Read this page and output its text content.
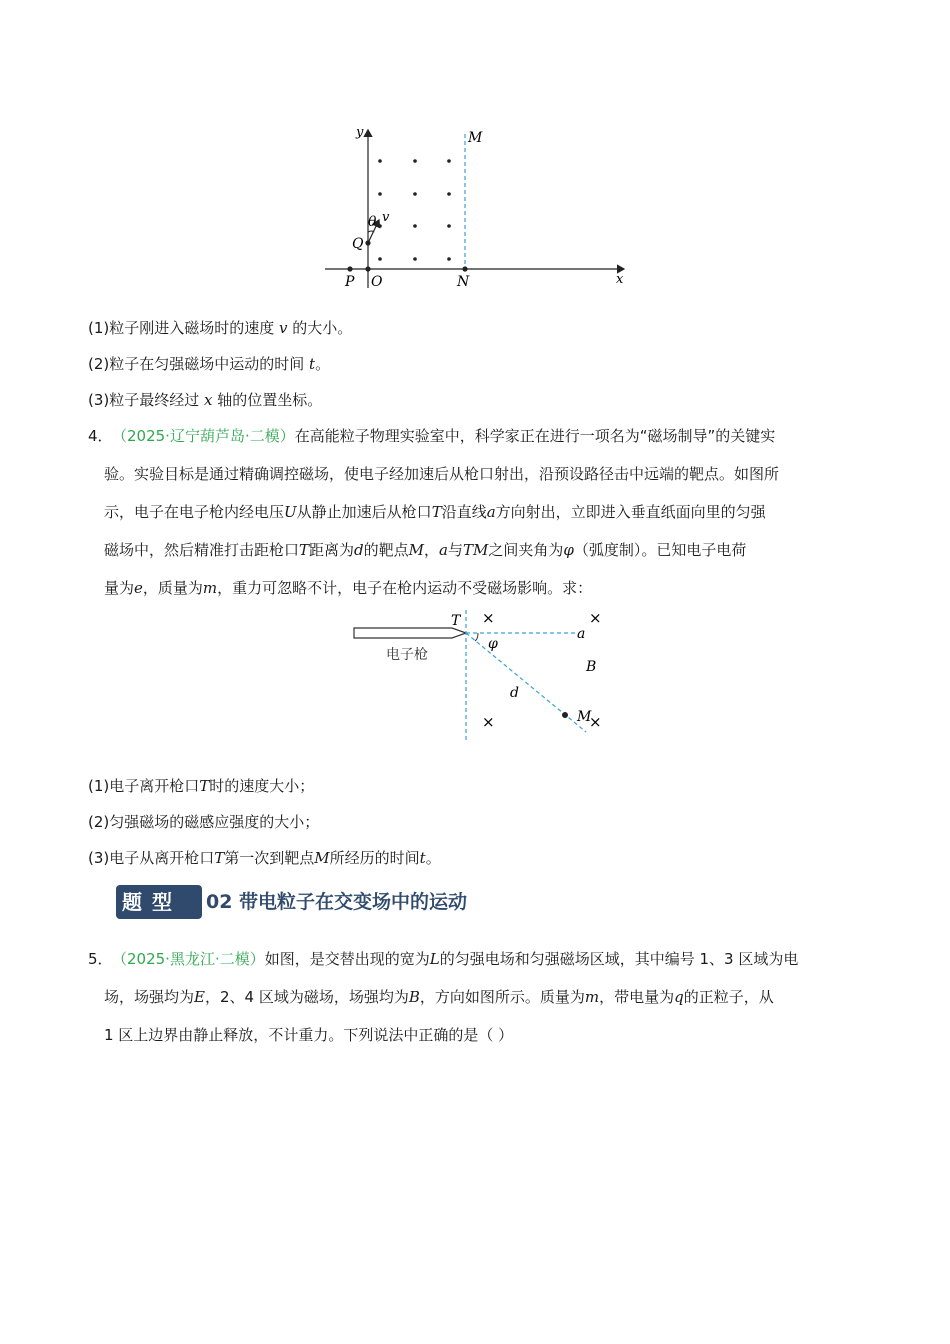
y	M
θ v
Q
P O	N	x
(1)粒子刚进入磁场时的速度 v 的大小。
(2)粒子在匀强磁场中运动的时间 t。
(3)粒子最终经过 x 轴的位置坐标。
4． （2025·辽宁葫芦岛·二模）在高能粒子物理实验室中，科学家正在进行一项名为“磁场制导”的关键实
验。实验目标是通过精确调控磁场，使电子经加速后从枪口射出，沿预设路径击中远端的靶点。如图所
示，电子在电子枪内经电压U从静止加速后从枪口T沿直线a方向射出，立即进入垂直纸面向里的匀强
磁场中，然后精准打击距枪口T距离为d的靶点M，a与TM之间夹角为φ（弧度制）。已知电子电荷
量为e，质量为m，重力可忽略不计，电子在枪内运动不受磁场影响。求：
T
电子枪
a
φ
B
d
M
×	×
×	×
(1)电子离开枪口T时的速度大小；
(2)匀强磁场的磁感应强度的大小；
(3)电子从离开枪口T第一次到靶点M所经历的时间t。
题型 02 带电粒子在交变场中的运动
5． （2025·黑龙江·二模）如图，是交替出现的宽为L的匀强电场和匀强磁场区域，其中编号 1、3 区域为电
场，场强均为E，2、4 区域为磁场，场强均为B，方向如图所示。质量为m，带电量为q的正粒子，从
1 区上边界由静止释放，不计重力。下列说法中正确的是（ ）
